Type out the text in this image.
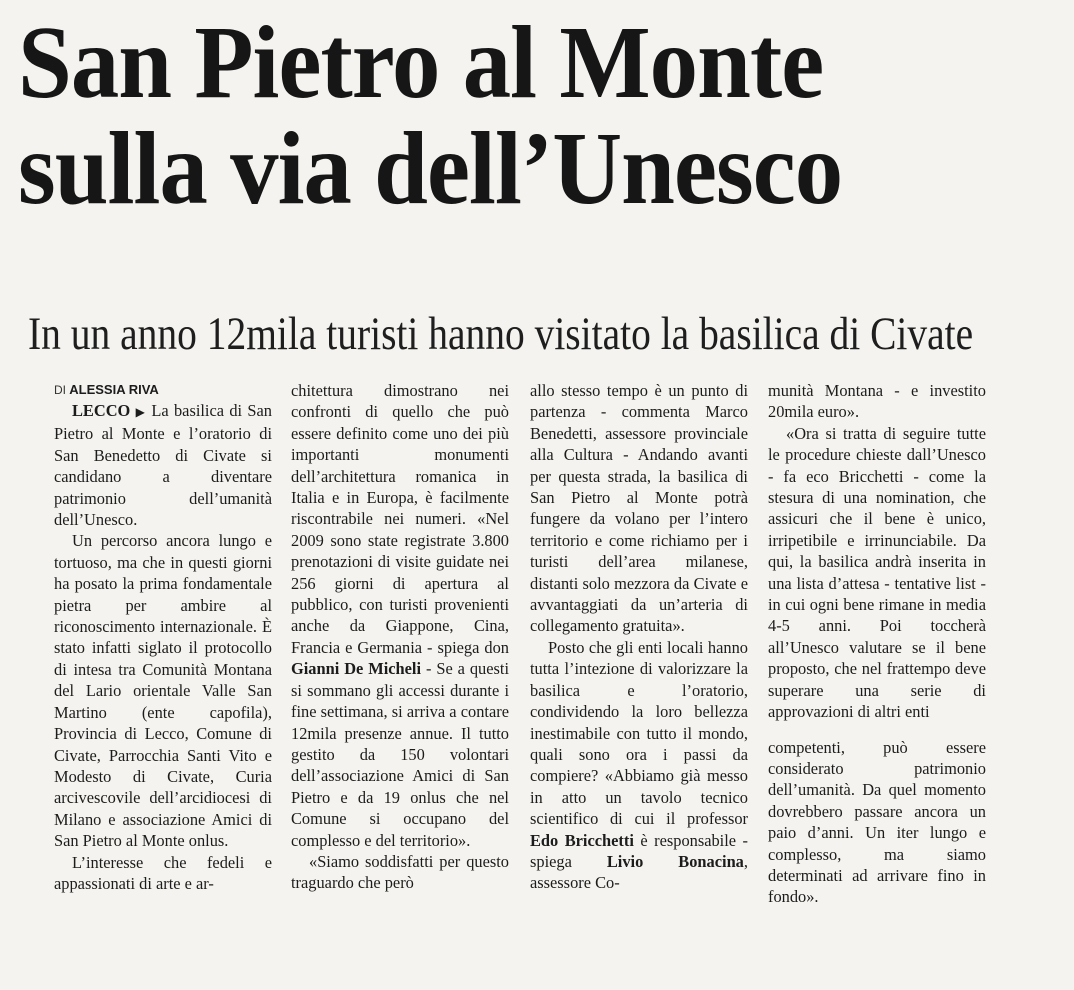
San Pietro al Monte
sulla via dell’Unesco
In un anno 12mila turisti hanno visitato la basilica di Civate
DI ALESSIA RIVA

LECCO ▶ La basilica di San Pietro al Monte e l’oratorio di San Benedetto di Civate si candidano a diventare patrimonio dell’umanità dell’Unesco.

Un percorso ancora lungo e tortuoso, ma che in questi giorni ha posato la prima fondamentale pietra per ambire al riconoscimento internazionale. È stato infatti siglato il protocollo di intesa tra Comunità Montana del Lario orientale Valle San Martino (ente capofila), Provincia di Lecco, Comune di Civate, Parrocchia Santi Vito e Modesto di Civate, Curia arcivescovile dell’arcidiocesi di Milano e associazione Amici di San Pietro al Monte onlus.

L’interesse che fedeli e appassionati di arte e ar-

chitettura dimostrano nei confronti di quello che può essere definito come uno dei più importanti monumenti dell’architettura romanica in Italia e in Europa, è facilmente riscontrabile nei numeri. «Nel 2009 sono state registrate 3.800 prenotazioni di visite guidate nei 256 giorni di apertura al pubblico, con turisti provenienti anche da Giappone, Cina, Francia e Germania - spiega don Gianni De Micheli - Se a questi si sommano gli accessi durante i fine settimana, si arriva a contare 12mila presenze annue. Il tutto gestito da 150 volontari dell’associazione Amici di San Pietro e da 19 onlus che nel Comune si occupano del complesso e del territorio».

«Siamo soddisfatti per questo traguardo che però

allo stesso tempo è un punto di partenza - commenta Marco Benedetti, assessore provinciale alla Cultura - Andando avanti per questa strada, la basilica di San Pietro al Monte potrà fungere da volano per l’intero territorio e come richiamo per i turisti dell’area milanese, distanti solo mezzora da Civate e avvantaggiati da un’arteria di collegamento gratuita».

Posto che gli enti locali hanno tutta l’intezione di valorizzare la basilica e l’oratorio, condividendo la loro bellezza inestimabile con tutto il mondo, quali sono ora i passi da compiere? «Abbiamo già messo in atto un tavolo tecnico scientifico di cui il professor Edo Bricchetti è responsabile - spiega Livio Bonacina, assessore Co-

munità Montana - e investito 20mila euro».

«Ora si tratta di seguire tutte le procedure chieste dall’Unesco - fa eco Bricchetti - come la stesura di una nomination, che assicuri che il bene è unico, irripetibile e irrinunciabile. Da qui, la basilica andrà inserita in una lista d’attesa - tentative list - in cui ogni bene rimane in media 4-5 anni. Poi toccherà all’Unesco valutare se il bene proposto, che nel frattempo deve superare una serie di approvazioni di altri enti

competenti, può essere considerato patrimonio dell’umanità. Da quel momento dovrebbero passare ancora un paio d’anni. Un iter lungo e complesso, ma siamo determinati ad arrivare fino in fondo».
